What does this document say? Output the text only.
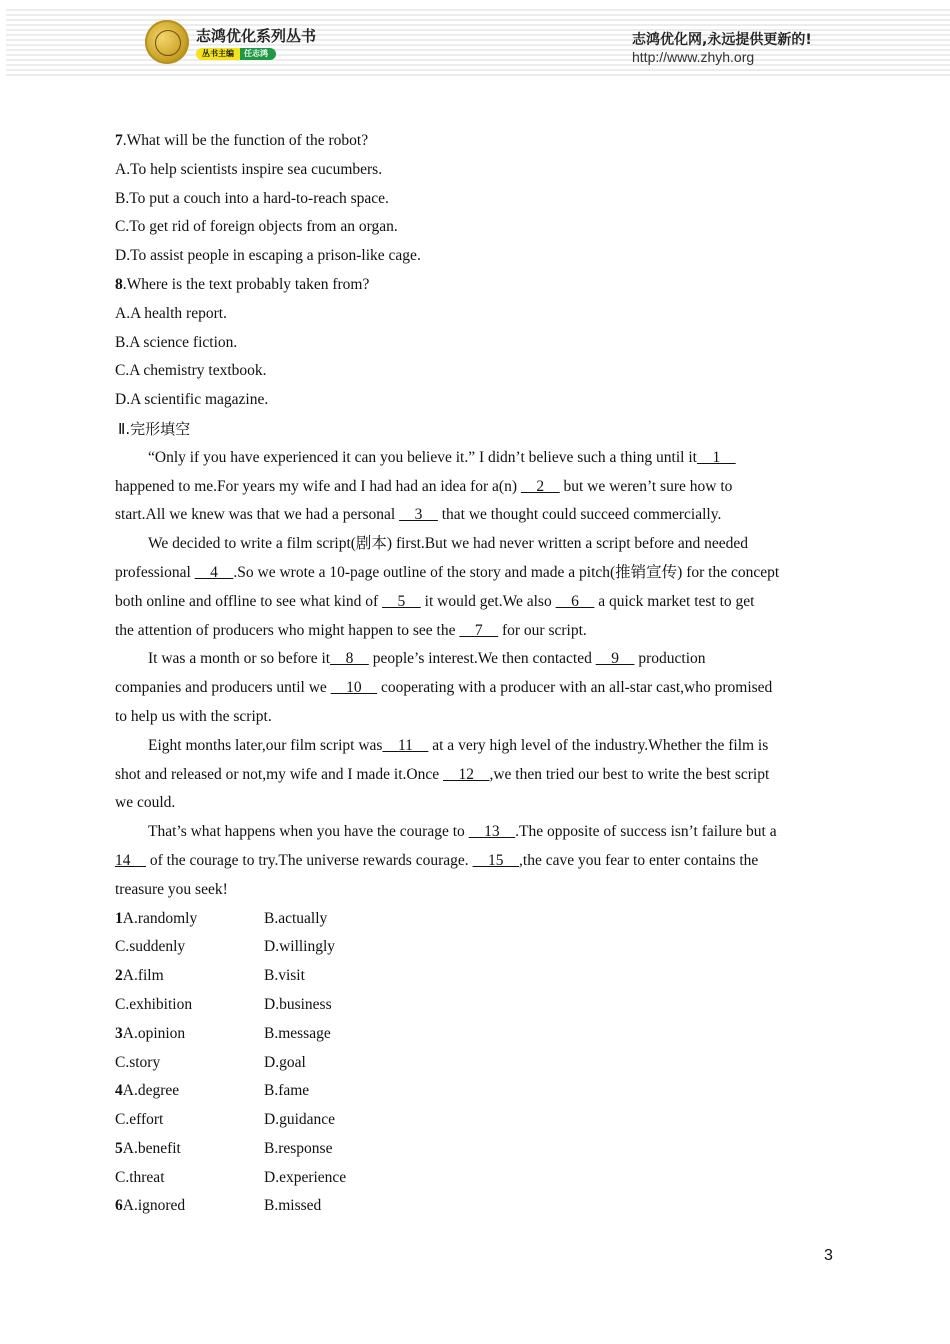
志鸿优化系列丛书
丛书主编	任志鸿
志鸿优化网,永远提供更新的!
http://www.zhyh.org
7.What will be the function of the robot?
A.To help scientists inspire sea cucumbers.
B.To put a couch into a hard-to-reach space.
C.To get rid of foreign objects from an organ.
D.To assist people in escaping a prison-like cage.
8.Where is the text probably taken from?
A.A health report.
B.A science fiction.
C.A chemistry textbook.
D.A scientific magazine.
Ⅱ.完形填空
“Only if you have experienced it can you believe it.” I didn’t believe such a thing until it    1
happened to me.For years my wife and I had had an idea for a(n)     2     but we weren’t sure how to
start.All we knew was that we had a personal     3     that we thought could succeed commercially.
We decided to write a film script(剧本) first.But we had never written a script before and needed
professional     4    .So we wrote a 10-page outline of the story and made a pitch(推销宣传) for the concept
both online and offline to see what kind of     5     it would get.We also     6     a quick market test to get
the attention of producers who might happen to see the     7     for our script.
It was a month or so before it    8     people’s interest.We then contacted     9     production
companies and producers until we     10     cooperating with a producer with an all-star cast,who promised
to help us with the script.
Eight months later,our film script was    11     at a very high level of the industry.Whether the film is
shot and released or not,my wife and I made it.Once     12    ,we then tried our best to write the best script
we could.
That’s what happens when you have the courage to     13    .The opposite of success isn’t failure but a
14     of the courage to try.The universe rewards courage.     15    ,the cave you fear to enter contains the
treasure you seek!
1A.randomly	B.actually
C.suddenly	D.willingly
2A.film	B.visit
C.exhibition	D.business
3A.opinion	B.message
C.story	D.goal
4A.degree	B.fame
C.effort	D.guidance
5A.benefit	B.response
C.threat	D.experience
6A.ignored	B.missed
3
